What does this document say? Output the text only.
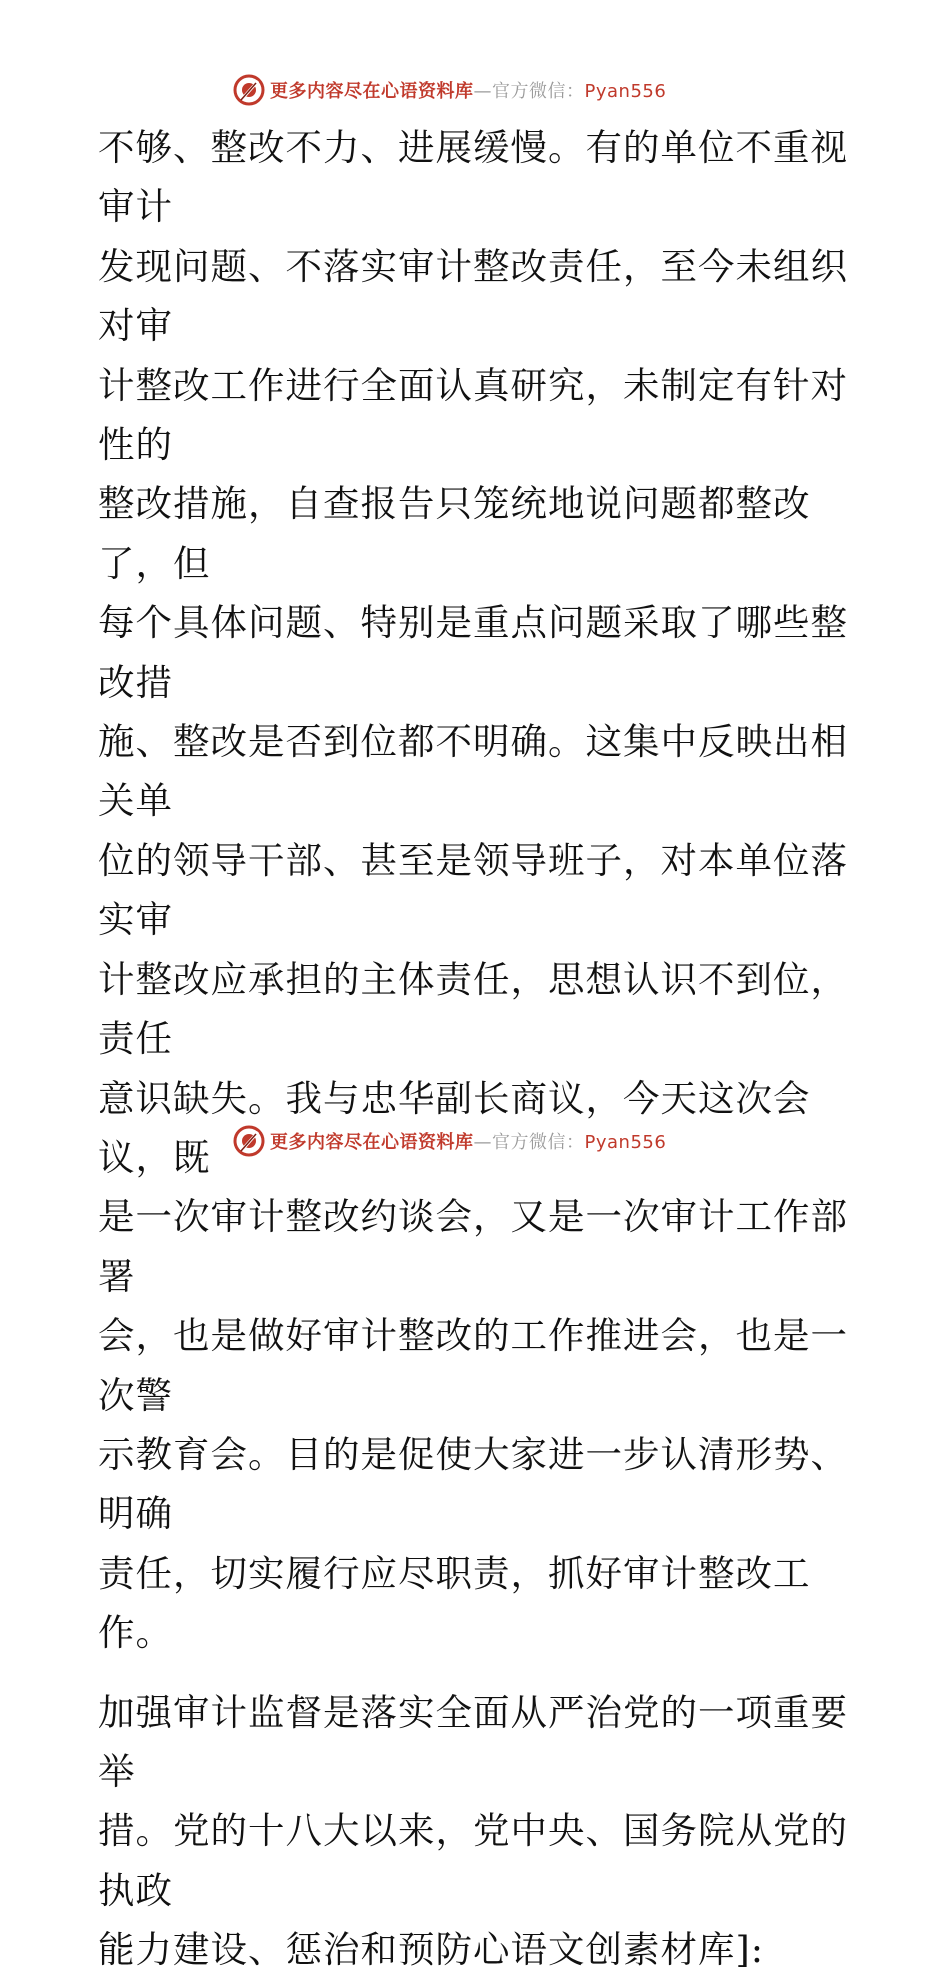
更多内容尽在心语资料库—官方微信：Pyan556

不够、整改不力、进展缓慢。有的单位不重视审计
发现问题、不落实审计整改责任，至今未组织对审
计整改工作进行全面认真研究，未制定有针对性的
整改措施，自查报告只笼统地说问题都整改了，但
每个具体问题、特别是重点问题采取了哪些整改措
施、整改是否到位都不明确。这集中反映出相关单
位的领导干部、甚至是领导班子，对本单位落实审
计整改应承担的主体责任，思想认识不到位，责任
意识缺失。我与忠华副长商议，今天这次会议，既
是一次审计整改约谈会，又是一次审计工作部署
会，也是做好审计整改的工作推进会，也是一次警
示教育会。目的是促使大家进一步认清形势、明确
责任，切实履行应尽职责，抓好审计整改工作。

加强审计监督是落实全面从严治党的一项重要举
措。党的十八大以来，党中央、国务院从党的执政
能力建设、惩治和预防心语文创素材库]:

更多内容尽在心语资料库—官方微信：Pyan556
